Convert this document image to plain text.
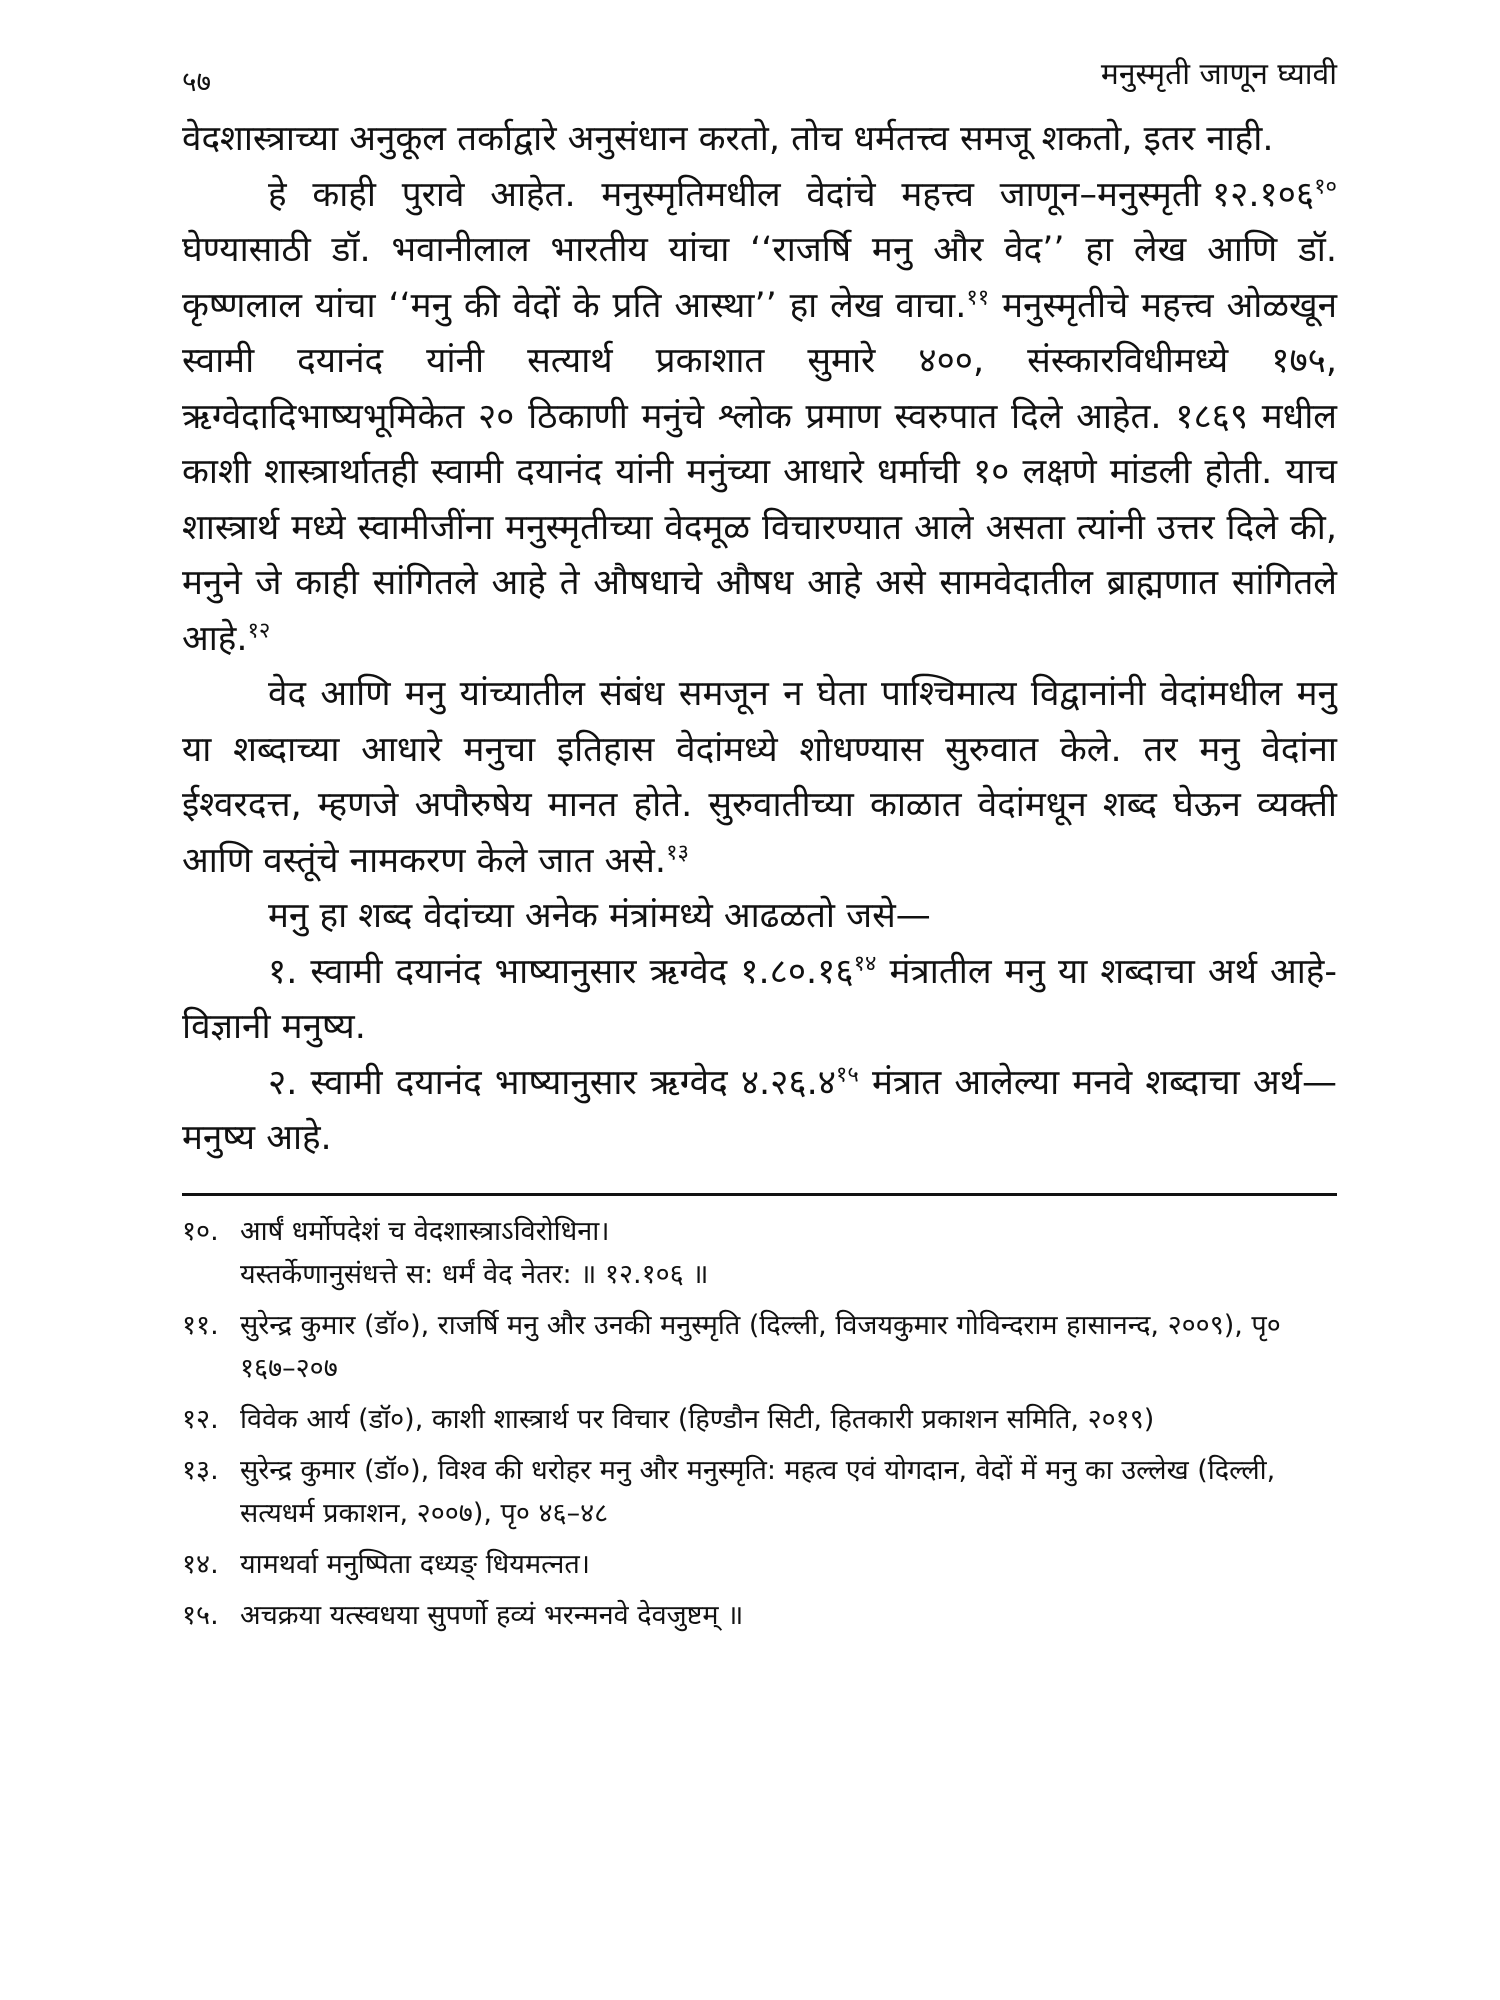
५७	मनुस्मृती जाणून घ्यावी

वेदशास्त्राच्या अनुकूल तर्काद्वारे अनुसंधान करतो, तोच धर्मतत्त्व समजू शकतो, इतर नाही.
–मनुस्मृती १२.१०६$^{१०}$

हे काही पुरावे आहेत. मनुस्मृतिमधील वेदांचे महत्त्व जाणून घेण्यासाठी डॉ. भवानीलाल भारतीय यांचा ‘‘राजर्षि मनु और वेद’’ हा लेख आणि डॉ. कृष्णलाल यांचा ‘‘मनु की वेदों के प्रति आस्था’’ हा लेख वाचा.$^{११}$ मनुस्मृतीचे महत्त्व ओळखून स्वामी दयानंद यांनी सत्यार्थ प्रकाशात सुमारे ४००, संस्कारविधीमध्ये १७५, ऋग्वेदादिभाष्यभूमिकेत २० ठिकाणी मनुंचे श्लोक प्रमाण स्वरुपात दिले आहेत. १८६९ मधील काशी शास्त्रार्थातही स्वामी दयानंद यांनी मनुंच्या आधारे धर्माची १० लक्षणे मांडली होती. याच शास्त्रार्थ मध्ये स्वामीजींना मनुस्मृतीच्या वेदमूळ विचारण्यात आले असता त्यांनी उत्तर दिले की, मनुने जे काही सांगितले आहे ते औषधाचे औषध आहे असे सामवेदातील ब्राह्मणात सांगितले आहे.$^{१२}$

वेद आणि मनु यांच्यातील संबंध समजून न घेता पाश्चिमात्य विद्वानांनी वेदांमधील मनु या शब्दाच्या आधारे मनुचा इतिहास वेदांमध्ये शोधण्यास सुरुवात केले. तर मनु वेदांना ईश्वरदत्त, म्हणजे अपौरुषेय मानत होते. सुरुवातीच्या काळात वेदांमधून शब्द घेऊन व्यक्ती आणि वस्तूंचे नामकरण केले जात असे.$^{१३}$

मनु हा शब्द वेदांच्या अनेक मंत्रांमध्ये आढळतो जसे—

१. स्वामी दयानंद भाष्यानुसार ऋग्वेद १.८०.१६$^{१४}$ मंत्रातील मनु या शब्दाचा अर्थ आहे- विज्ञानी मनुष्य.

२. स्वामी दयानंद भाष्यानुसार ऋग्वेद ४.२६.४$^{१५}$ मंत्रात आलेल्या मनवे शब्दाचा अर्थ—मनुष्य आहे.

१०. आर्षं धर्मोपदेशं च वेदशास्त्राऽविरोधिना।
यस्तर्केणानुसंधत्ते स: धर्मं वेद नेतर: ॥ १२.१०६ ॥
११. सुरेन्द्र कुमार (डॉ०), राजर्षि मनु और उनकी मनुस्मृति (दिल्ली, विजयकुमार गोविन्दराम हासानन्द, २००९), पृ० १६७–२०७
१२. विवेक आर्य (डॉ०), काशी शास्त्रार्थ पर विचार (हिण्डौन सिटी, हितकारी प्रकाशन समिति, २०१९)
१३. सुरेन्द्र कुमार (डॉ०), विश्व की धरोहर मनु और मनुस्मृति: महत्व एवं योगदान, वेदों में मनु का उल्लेख (दिल्ली, सत्यधर्म प्रकाशन, २००७), पृ० ४६–४८
१४. यामथर्वा मनुष्पिता दध्यङ् धियमत्नत।
१५. अचक्रया यत्स्वधया सुपर्णो हव्यं भरन्मनवे देवजुष्टम् ॥
